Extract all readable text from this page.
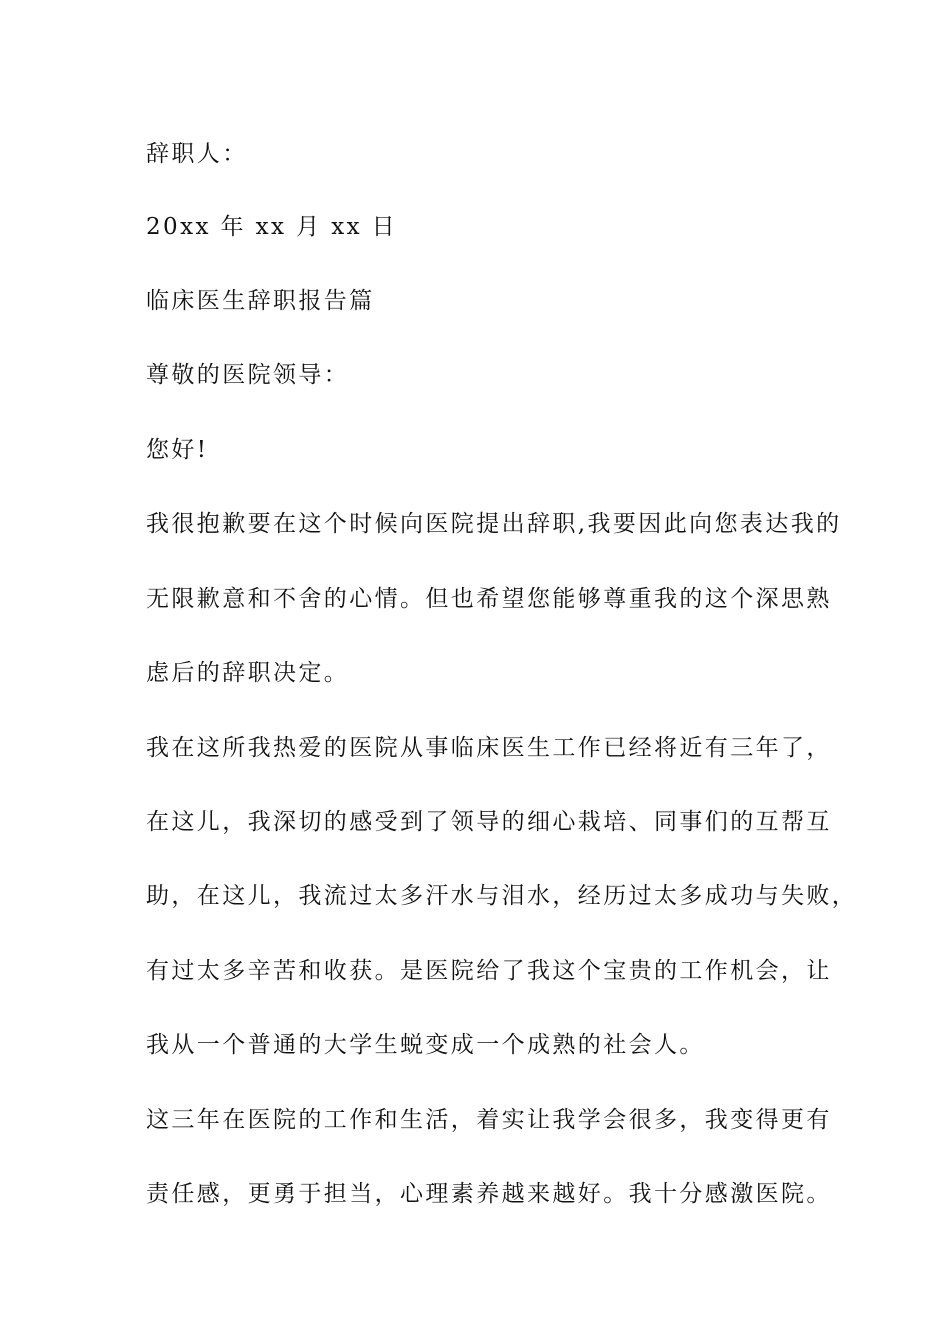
辞职人：

20xx 年 xx 月 xx 日

临床医生辞职报告篇

尊敬的医院领导：

您好!

我很抱歉要在这个时候向医院提出辞职,我要因此向您表达我的

无限歉意和不舍的心情。但也希望您能够尊重我的这个深思熟

虑后的辞职决定。

我在这所我热爱的医院从事临床医生工作已经将近有三年了，

在这儿，我深切的感受到了领导的细心栽培、同事们的互帮互

助，在这儿，我流过太多汗水与泪水，经历过太多成功与失败，

有过太多辛苦和收获。是医院给了我这个宝贵的工作机会，让

我从一个普通的大学生蜕变成一个成熟的社会人。

这三年在医院的工作和生活，着实让我学会很多，我变得更有

责任感，更勇于担当，心理素养越来越好。我十分感激医院。
